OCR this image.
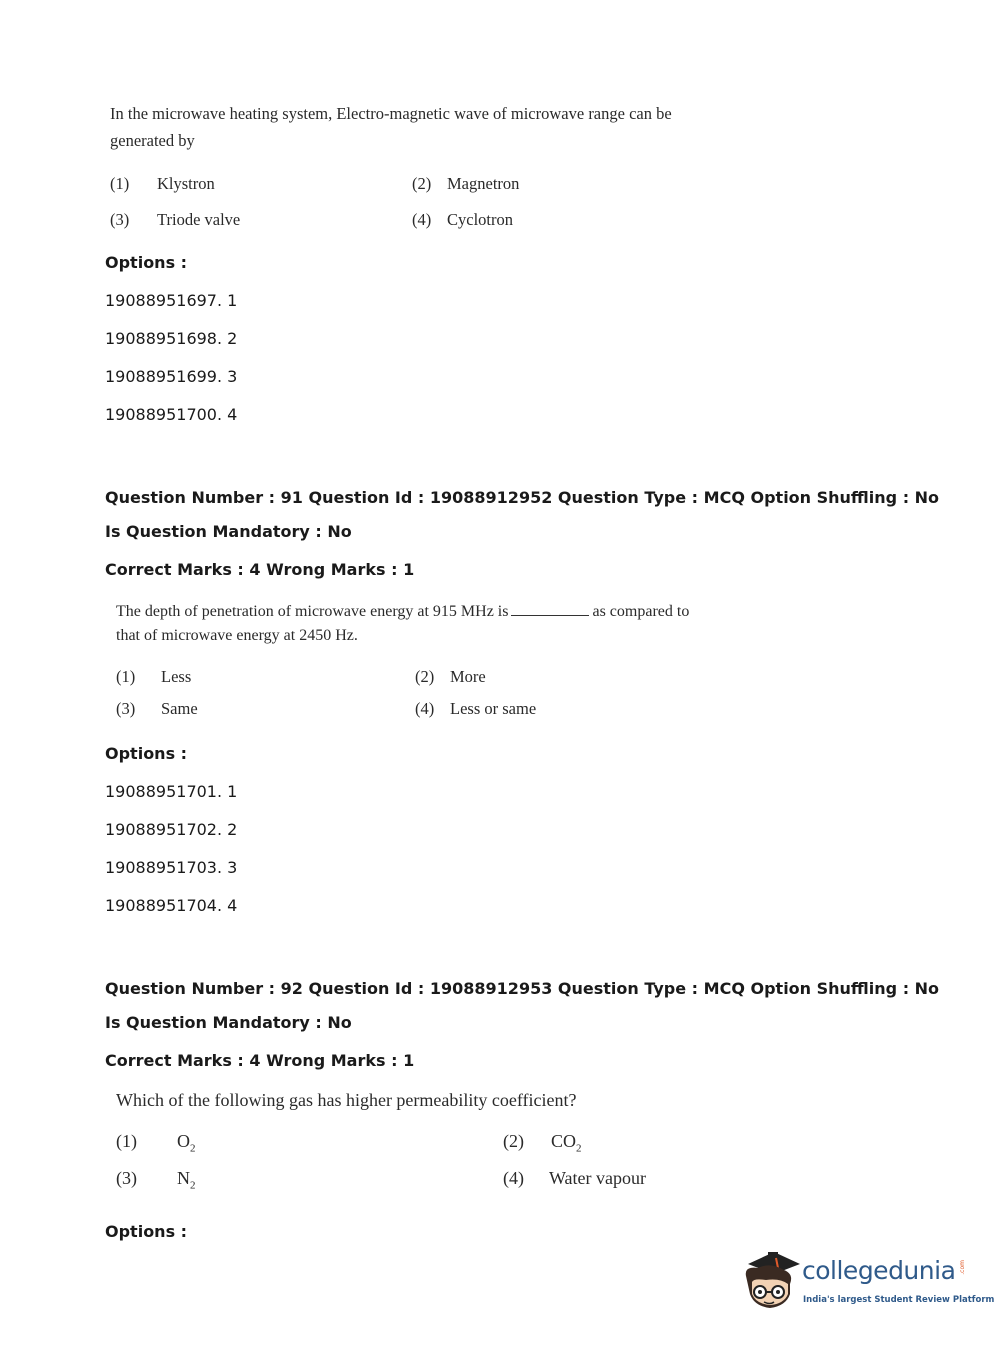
In the microwave heating system, Electro-magnetic wave of microwave range can be
generated by
(1) Klystron	(2) Magnetron
(3) Triode valve	(4) Cyclotron
Options :
19088951697. 1
19088951698. 2
19088951699. 3
19088951700. 4
Question Number : 91 Question Id : 19088912952 Question Type : MCQ Option Shuffling : No
Is Question Mandatory : No
Correct Marks : 4 Wrong Marks : 1
The depth of penetration of microwave energy at 915 MHz is	as compared to
that of microwave energy at 2450 Hz.
(1) Less	(2) More
(3) Same	(4) Less or same
Options :
19088951701. 1
19088951702. 2
19088951703. 3
19088951704. 4
Question Number : 92 Question Id : 19088912953 Question Type : MCQ Option Shuffling : No
Is Question Mandatory : No
Correct Marks : 4 Wrong Marks : 1
Which of the following gas has higher permeability coefficient?
(1) $O_2$	(2) $CO_2$
(3) $N_2$	(4) Water vapour
Options :
collegedunia .com
India's largest Student Review Platform
